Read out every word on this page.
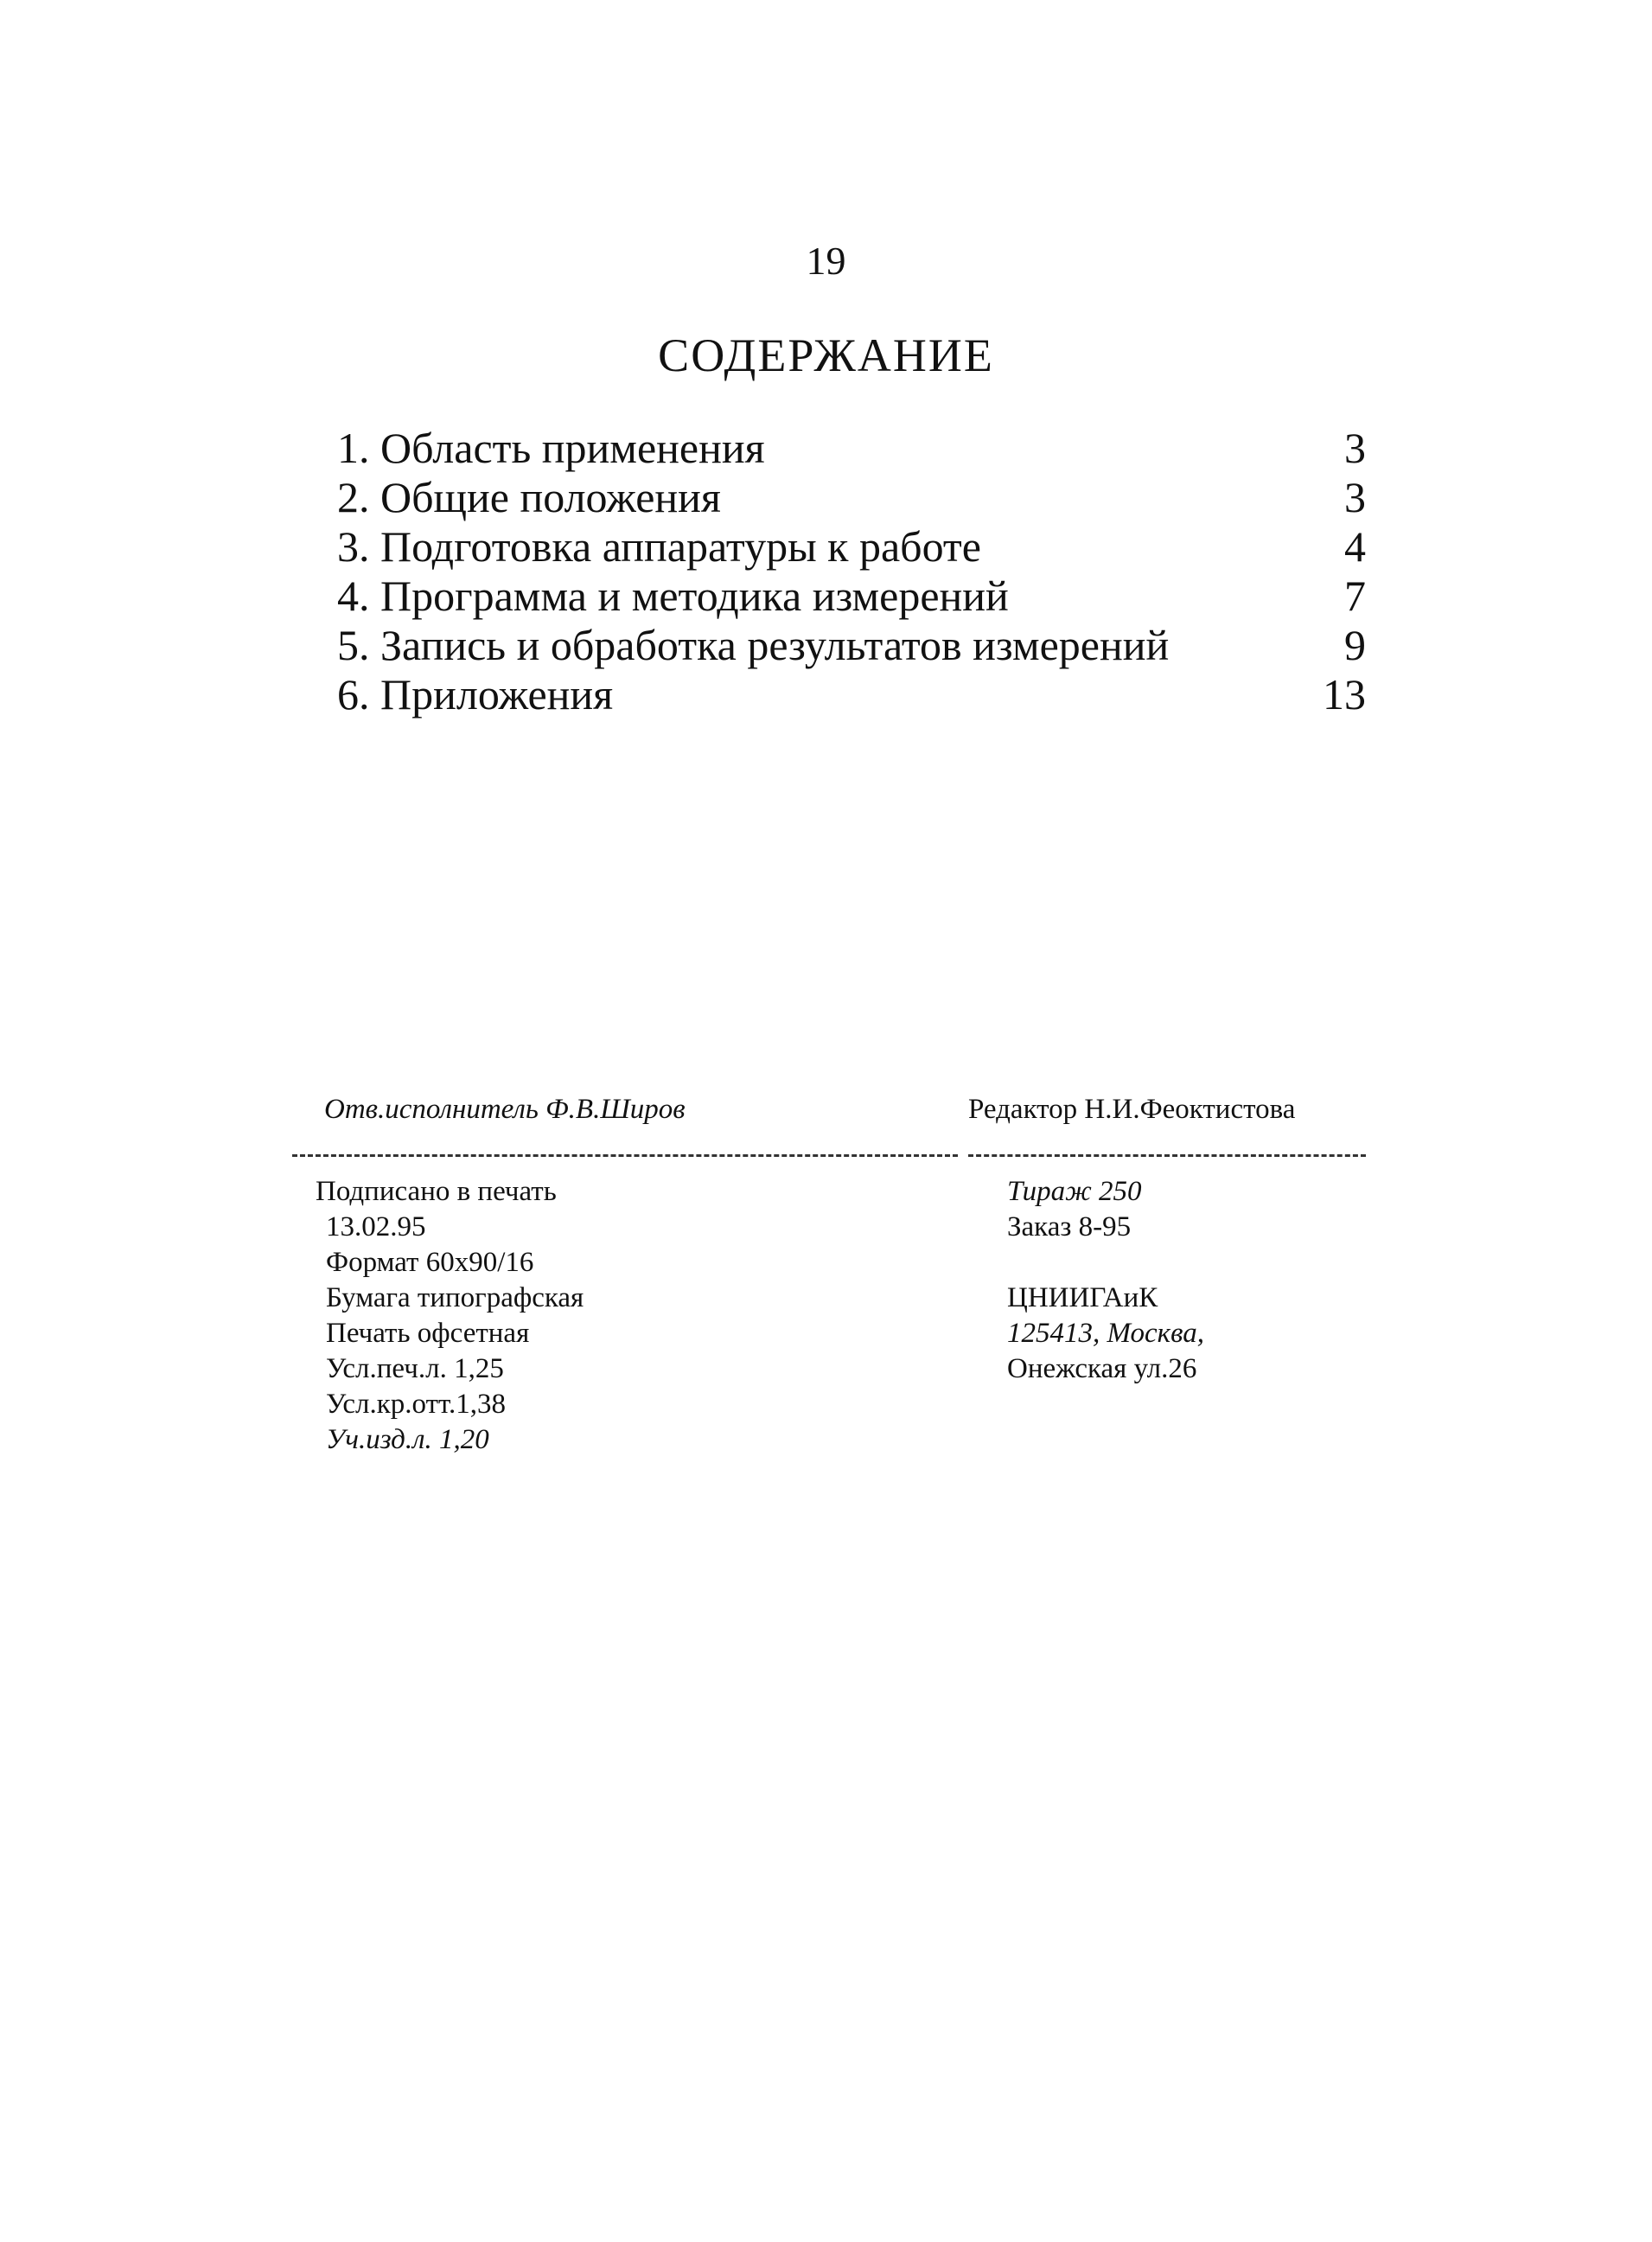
19
СОДЕРЖАНИЕ
1. Область применения	3
2. Общие положения	3
3. Подготовка аппаратуры к работе	4
4. Программа и методика измерений	7
5. Запись и обработка результатов измерений	9
6. Приложения	13
Отв.исполнитель Ф.В.Широв	Редактор Н.И.Феоктистова
Подписано в печать
13.02.95
Формат 60х90/16
Бумага типографская
Печать офсетная
Усл.печ.л. 1,25
Усл.кр.отт.1,38
Уч.изд.л. 1,20
Тираж 250
Заказ 8-95
ЦНИИГАиК
125413, Москва,
Онежская ул.26
